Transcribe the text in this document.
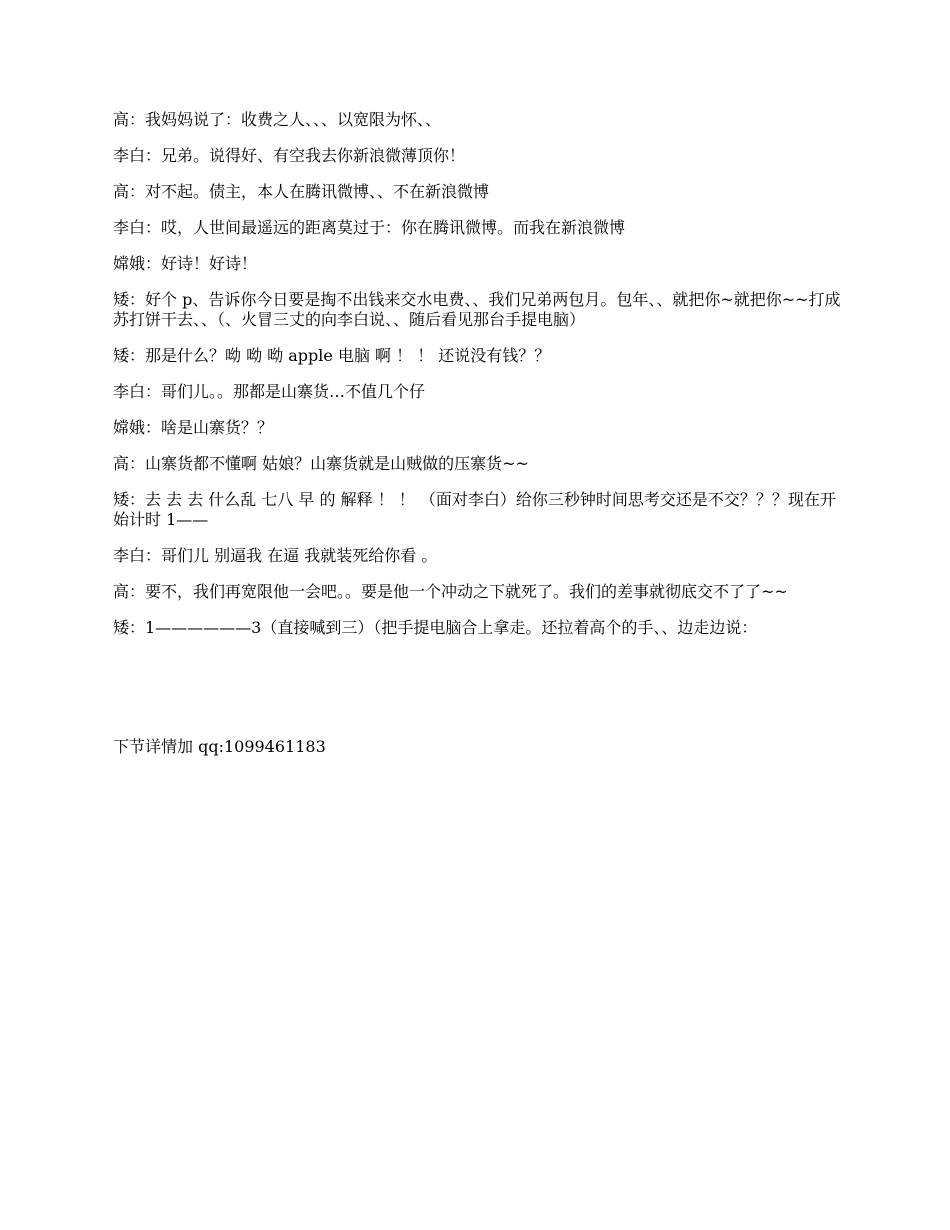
高：我妈妈说了：收费之人、、、以宽限为怀、、

李白：兄弟。说得好、有空我去你新浪微薄顶你！

高：对不起。债主，本人在腾讯微博、、不在新浪微博

李白：哎，人世间最遥远的距离莫过于：你在腾讯微博。而我在新浪微博

嫦娥：好诗！好诗！

矮：好个 p、告诉你今日要是掏不出钱来交水电费、、我们兄弟两包月。包年、、就把你~就把你~~打成苏打饼干去、、（、火冒三丈的向李白说、、随后看见那台手提电脑）

矮：那是什么？呦 呦 呦 apple 电脑 啊 ！ ！ 还说没有钱？？

李白：哥们儿。。那都是山寨货…不值几个仔

嫦娥：啥是山寨货？？

高：山寨货都不懂啊 姑娘？山寨货就是山贼做的压寨货~~

矮：去 去 去 什么乱 七八 早 的 解释 ！ ！ （面对李白）给你三秒钟时间思考交还是不交？？？现在开始计时 1——

李白：哥们儿 别逼我 在逼 我就装死给你看 。

高：要不，我们再宽限他一会吧。。要是他一个冲动之下就死了。我们的差事就彻底交不了了~~

矮：1——————3（直接喊到三）（把手提电脑合上拿走。还拉着高个的手、、边走边说：

下节详情加 qq:1099461183
